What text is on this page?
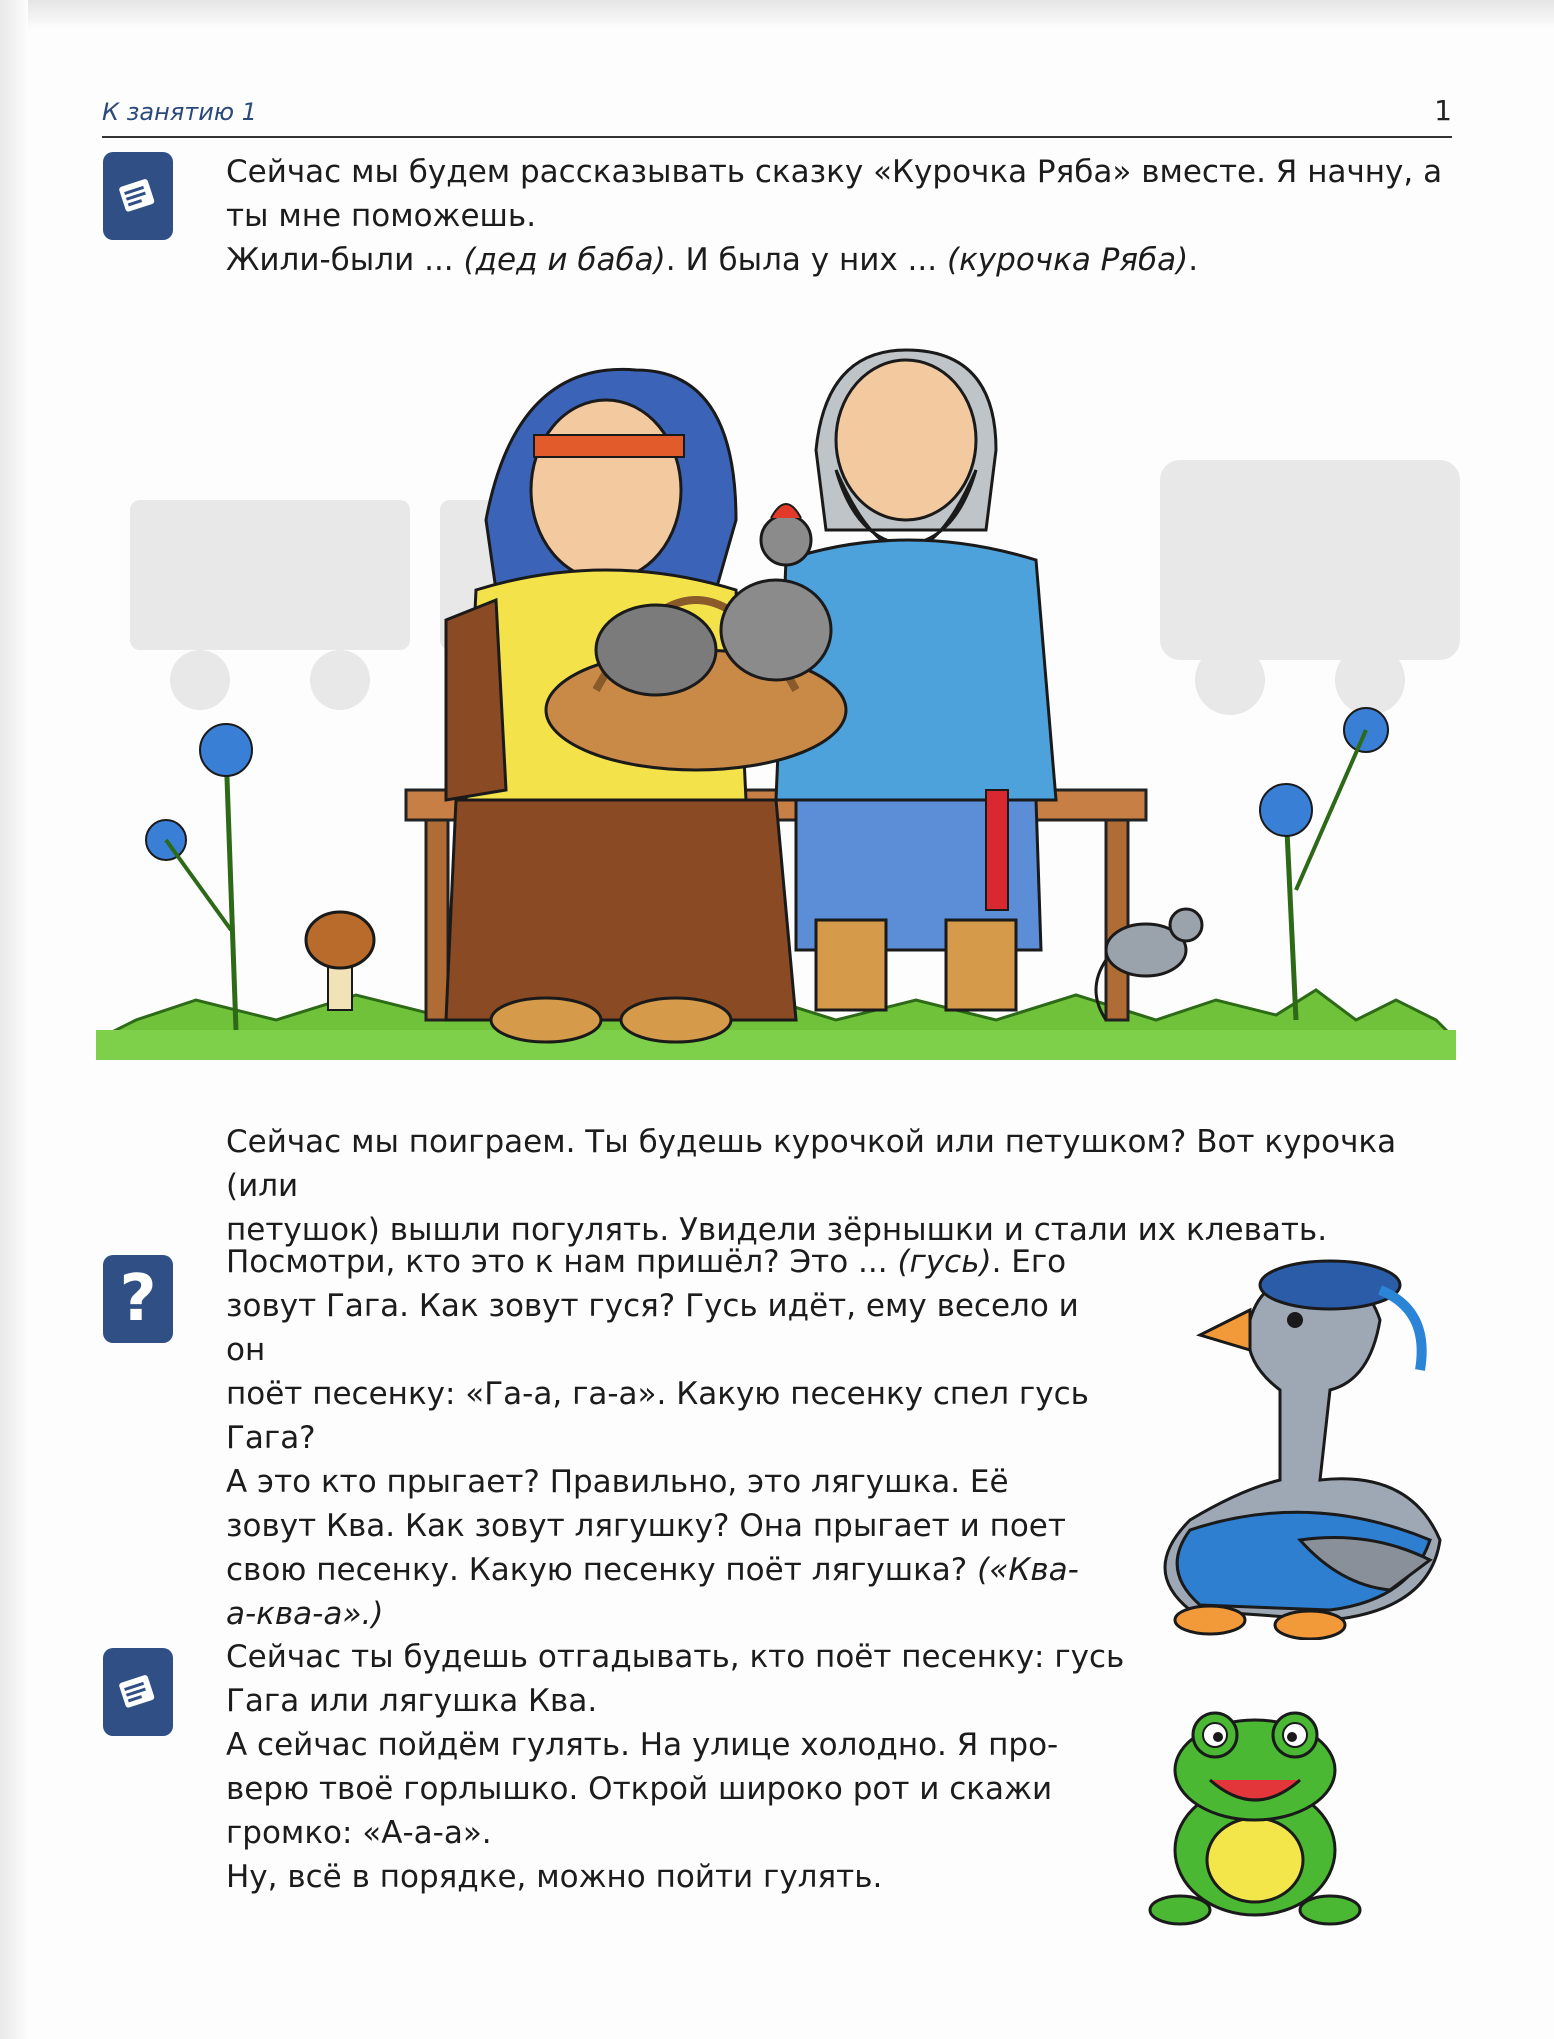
К занятию 1	1

Сейчас мы будем рассказывать сказку «Курочка Ряба» вместе. Я начну, а
ты мне поможешь.
Жили-были ... (дед и баба). И была у них ... (курочка Ряба).

Сейчас мы поиграем. Ты будешь курочкой или петушком? Вот курочка (или
петушок) вышли погулять. Увидели зёрнышки и стали их клевать.

? Посмотри, кто это к нам пришёл? Это ... (гусь). Его
зовут Гага. Как зовут гуся? Гусь идёт, ему весело и он
поёт песенку: «Га-а, га-а». Какую песенку спел гусь
Гага?
А это кто прыгает? Правильно, это лягушка. Её
зовут Ква. Как зовут лягушку? Она прыгает и поет
свою песенку. Какую песенку поёт лягушка? («Ква-
а-ква-а».)

Сейчас ты будешь отгадывать, кто поёт песенку: гусь
Гага или лягушка Ква.
А сейчас пойдём гулять. На улице холодно. Я про-
верю твоё горлышко. Открой широко рот и скажи
громко: «А-а-а».
Ну, всё в порядке, можно пойти гулять.
